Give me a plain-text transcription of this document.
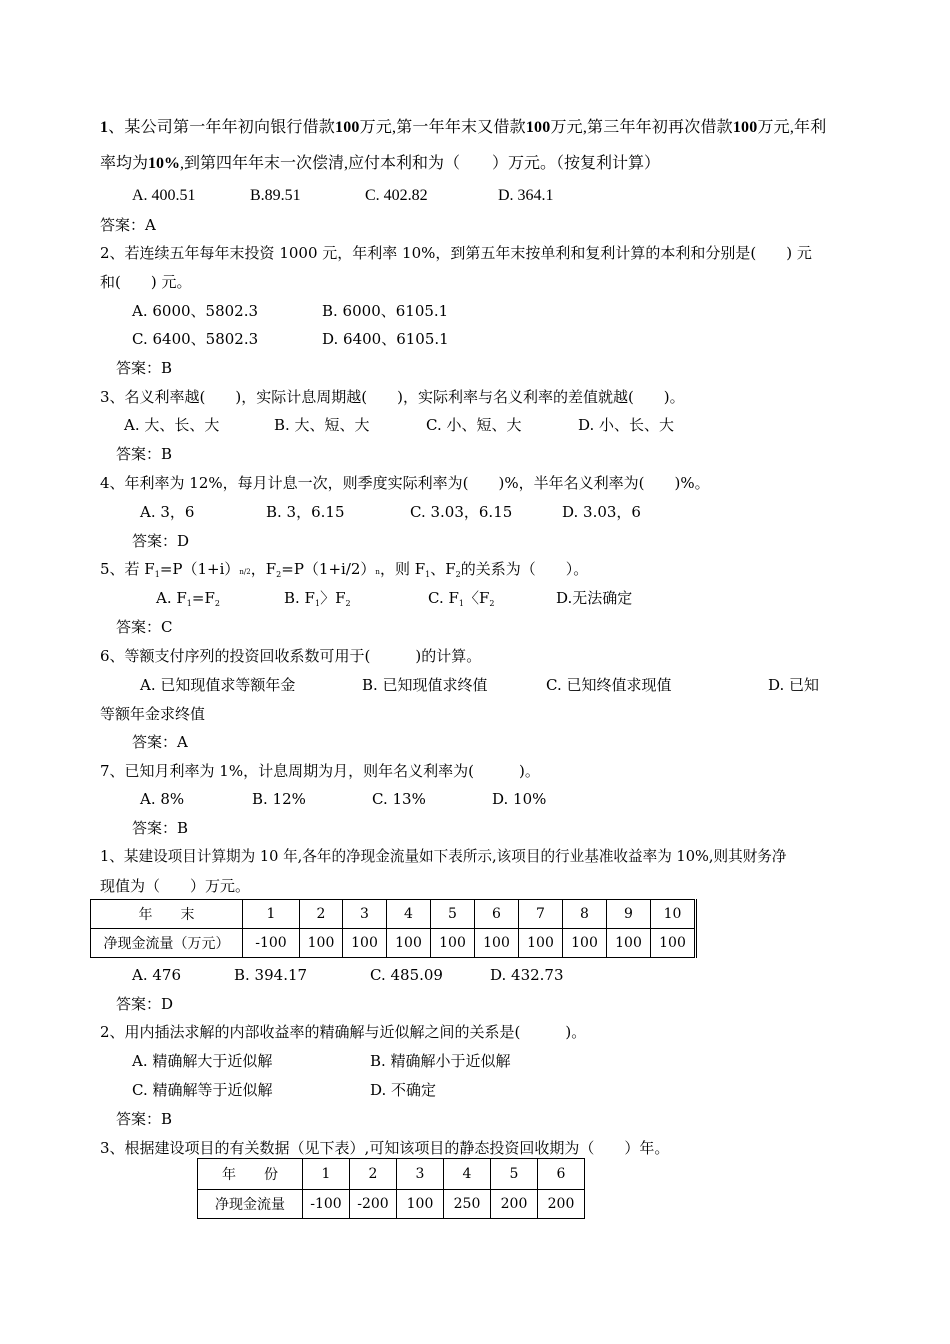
1、某公司第一年年初向银行借款100万元,第一年年末又借款100万元,第三年年初再次借款100万元,年利
率均为10%,到第四年年末一次偿清,应付本利和为（　　）万元。（按复利计算）
A. 400.51	B.89.51	C. 402.82	D. 364.1
答案：A
2、若连续五年每年末投资 1000 元，年利率 10%，到第五年末按单利和复利计算的本利和分别是(　　) 元
和(　　) 元。
A. 6000、5802.3	B. 6000、6105.1
C. 6400、5802.3	D. 6400、6105.1
答案：B
3、名义利率越(　　)，实际计息周期越(　　)，实际利率与名义利率的差值就越(　　)。
A. 大、长、大	B. 大、短、大	C. 小、短、大	D. 小、长、大
答案：B
4、年利率为 12%，每月计息一次，则季度实际利率为(　　)%，半年名义利率为(　　)%。
A. 3，6	B. 3，6.15	C. 3.03，6.15	D. 3.03，6
答案：D
5、若 $F_1=P(1+i)n/2$，$F_2=P(1+i/2)n$，则 $F_1$、$F_2$的关系为（　　）。
A. $F_1=F_2$	B. $F_1$〉$F_2$	C. $F_1$〈$F_2$	D.无法确定
答案：C
6、等额支付序列的投资回收系数可用于(　　　)的计算。
A. 已知现值求等额年金	B. 已知现值求终值	C. 已知终值求现值	D. 已知
等额年金求终值
答案：A
7、已知月利率为 1%，计息周期为月，则年名义利率为(　　　)。
A. 8%	B. 12%	C. 13%	D. 10%
答案：B
1、某建设项目计算期为 10 年,各年的净现金流量如下表所示,该项目的行业基准收益率为 10%,则其财务净
现值为（　　）万元。
年　　末	1	2	3	4	5	6	7	8	9	10
净现金流量（万元）	-100	100	100	100	100	100	100	100	100	100
A. 476	B. 394.17	C. 485.09	D. 432.73
答案：D
2、用内插法求解的内部收益率的精确解与近似解之间的关系是(　　　)。
A. 精确解大于近似解	B. 精确解小于近似解
C. 精确解等于近似解	D. 不确定
答案：B
3、根据建设项目的有关数据（见下表）,可知该项目的静态投资回收期为（　　）年。
年　　份	1	2	3	4	5	6
净现金流量	-100	-200	100	250	200	200
